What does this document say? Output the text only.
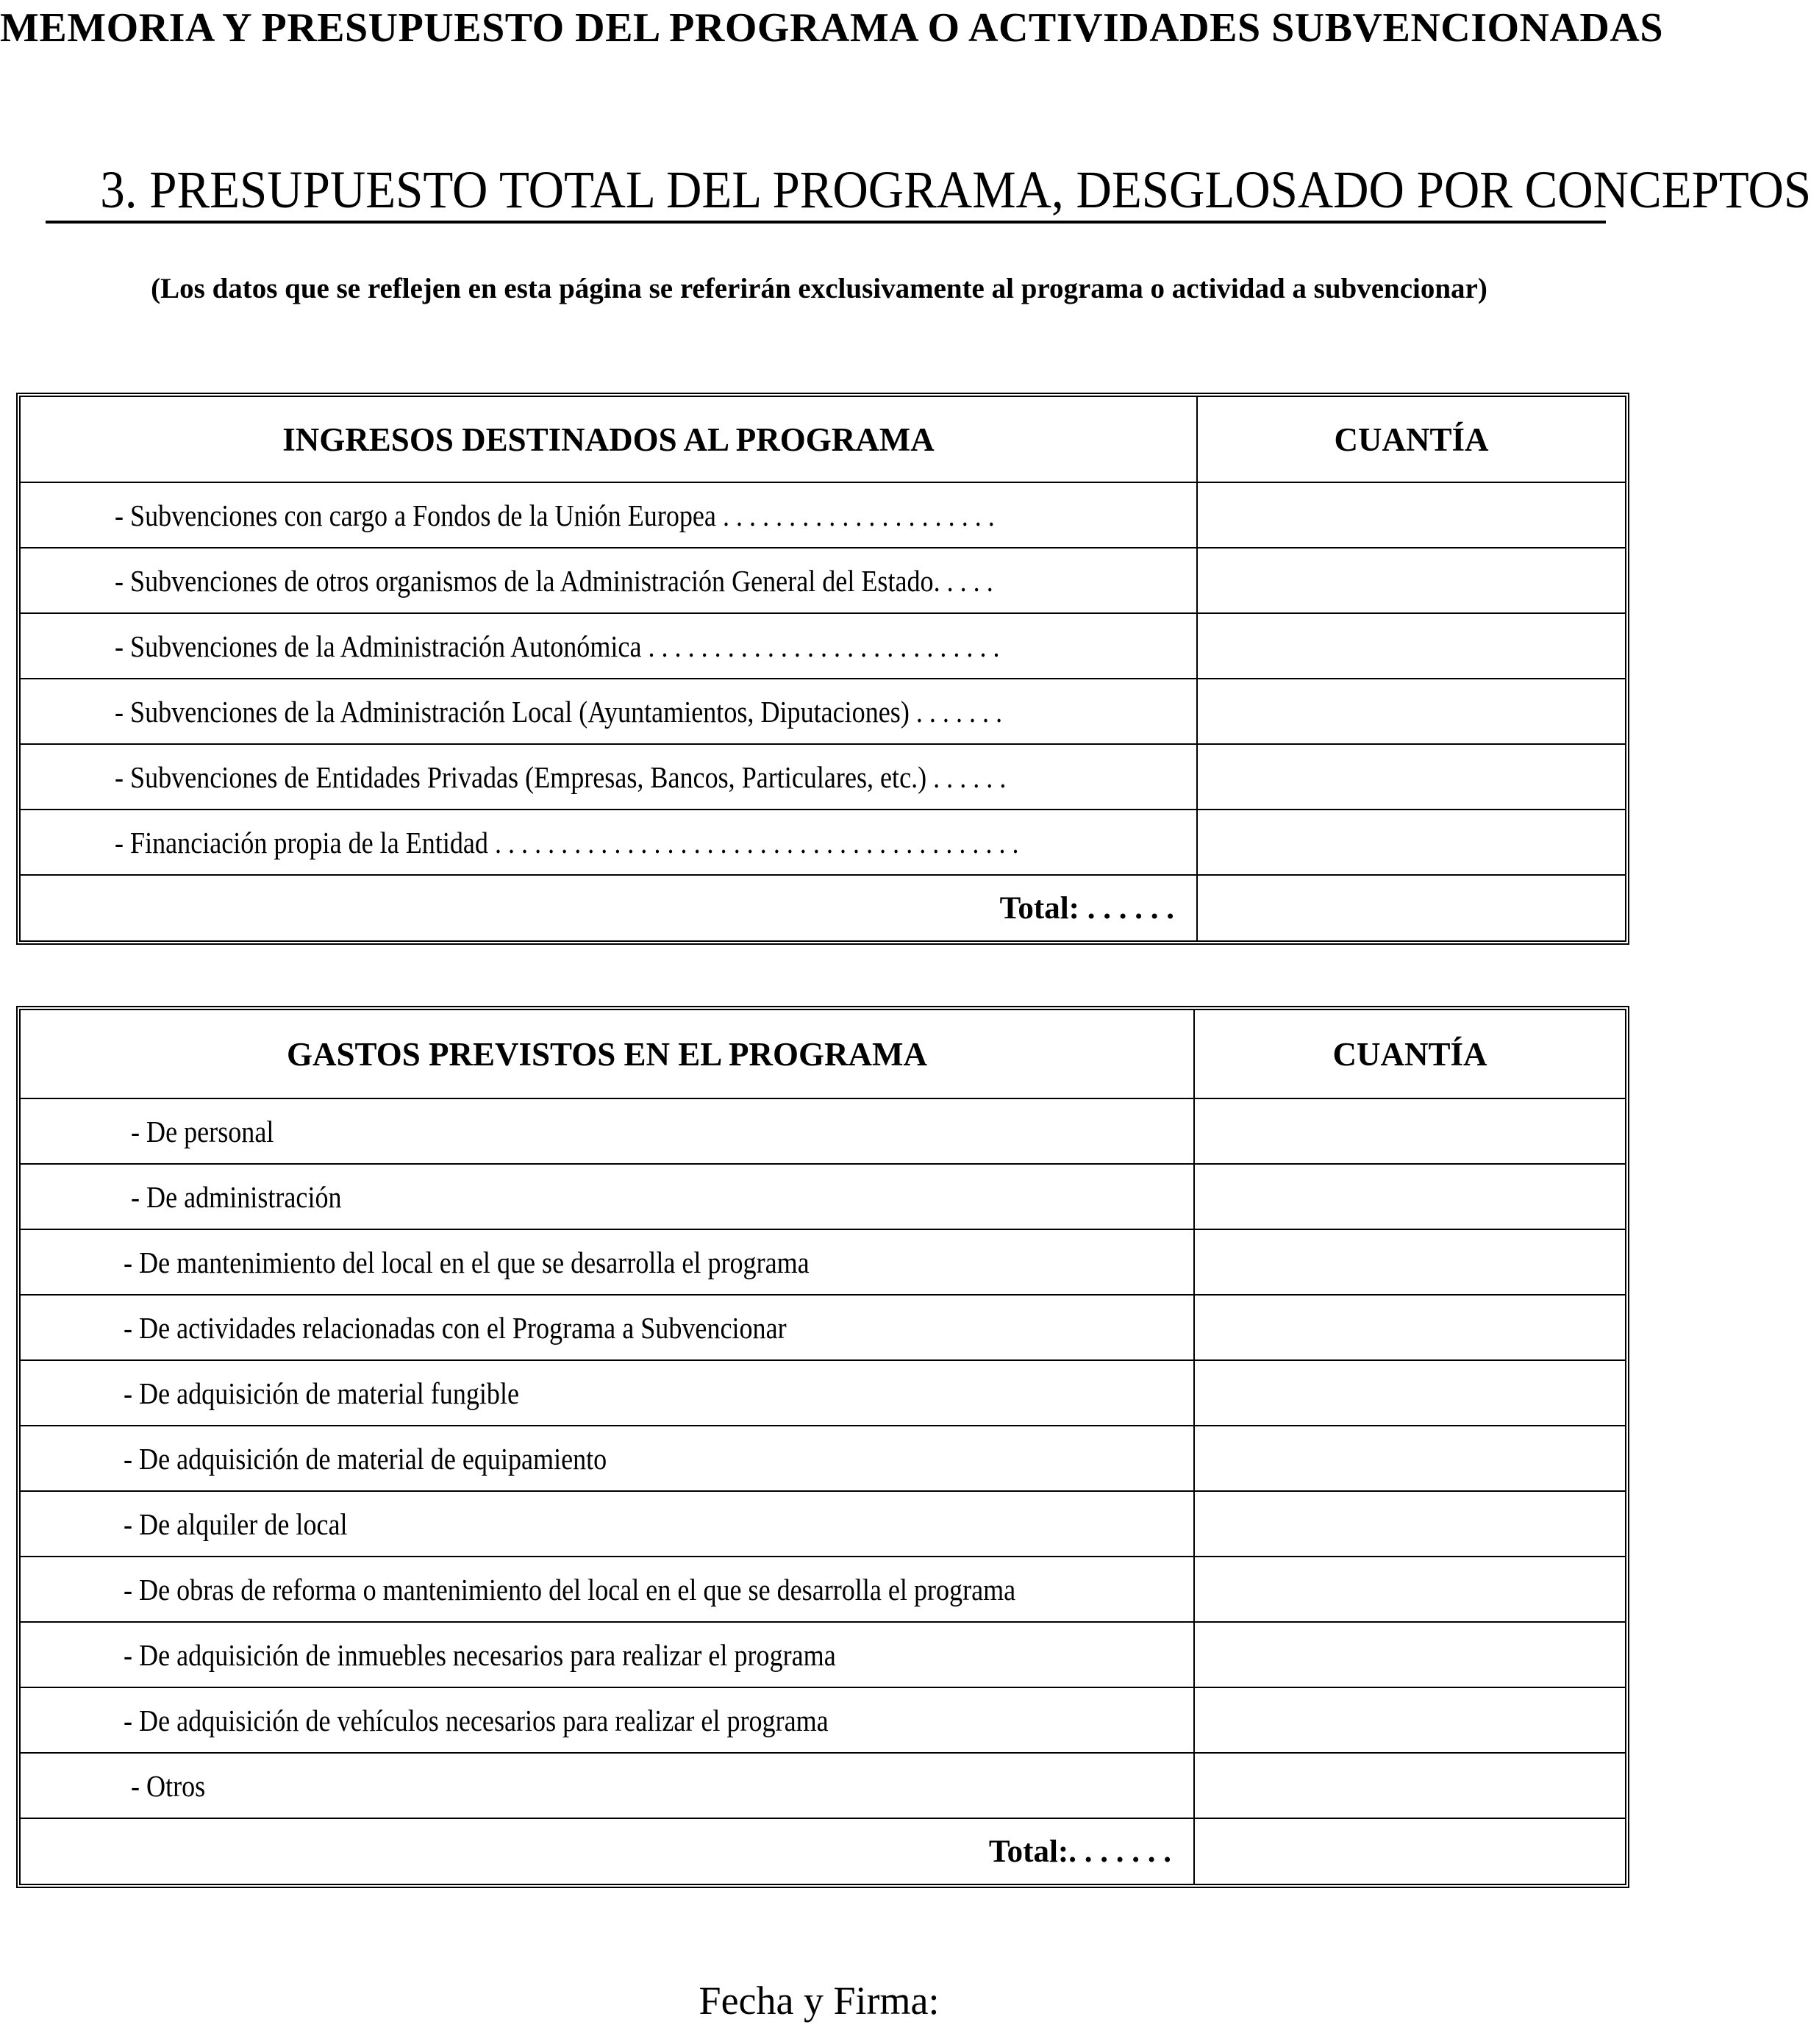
MEMORIA Y PRESUPUESTO DEL PROGRAMA O ACTIVIDADES SUBVENCIONADAS
3. PRESUPUESTO TOTAL DEL PROGRAMA, DESGLOSADO POR CONCEPTOS
(Los datos que se reflejen en esta página se referirán exclusivamente al programa o actividad a subvencionar)
INGRESOS DESTINADOS AL PROGRAMA	CUANTÍA
- Subvenciones con cargo a Fondos de la Unión Europea . . . . . . . . . . . . . . . . . . . . .	
- Subvenciones de otros organismos de la Administración General del Estado. . . . .	
- Subvenciones de la Administración Autonómica . . . . . . . . . . . . . . . . . . . . . . . . . . .	
- Subvenciones de la Administración Local (Ayuntamientos, Diputaciones) . . . . . . .	
- Subvenciones de Entidades Privadas (Empresas, Bancos, Particulares, etc.) . . . . . .	
- Financiación propia de la Entidad . . . . . . . . . . . . . . . . . . . . . . . . . . . . . . . . . . . . . . . .	
Total: . . . . . .	
GASTOS PREVISTOS EN EL PROGRAMA	CUANTÍA
- De personal	
- De administración	
- De mantenimiento del local en el que se desarrolla el programa	
- De actividades relacionadas con el Programa a Subvencionar	
- De adquisición de material fungible	
- De adquisición de material de equipamiento	
- De alquiler de local	
- De obras de reforma o mantenimiento del local en el que se desarrolla el programa	
- De adquisición de inmuebles necesarios para realizar el programa	
- De adquisición de vehículos necesarios para realizar el programa	
- Otros	
Total:. . . . . . .	
Fecha y Firma:
